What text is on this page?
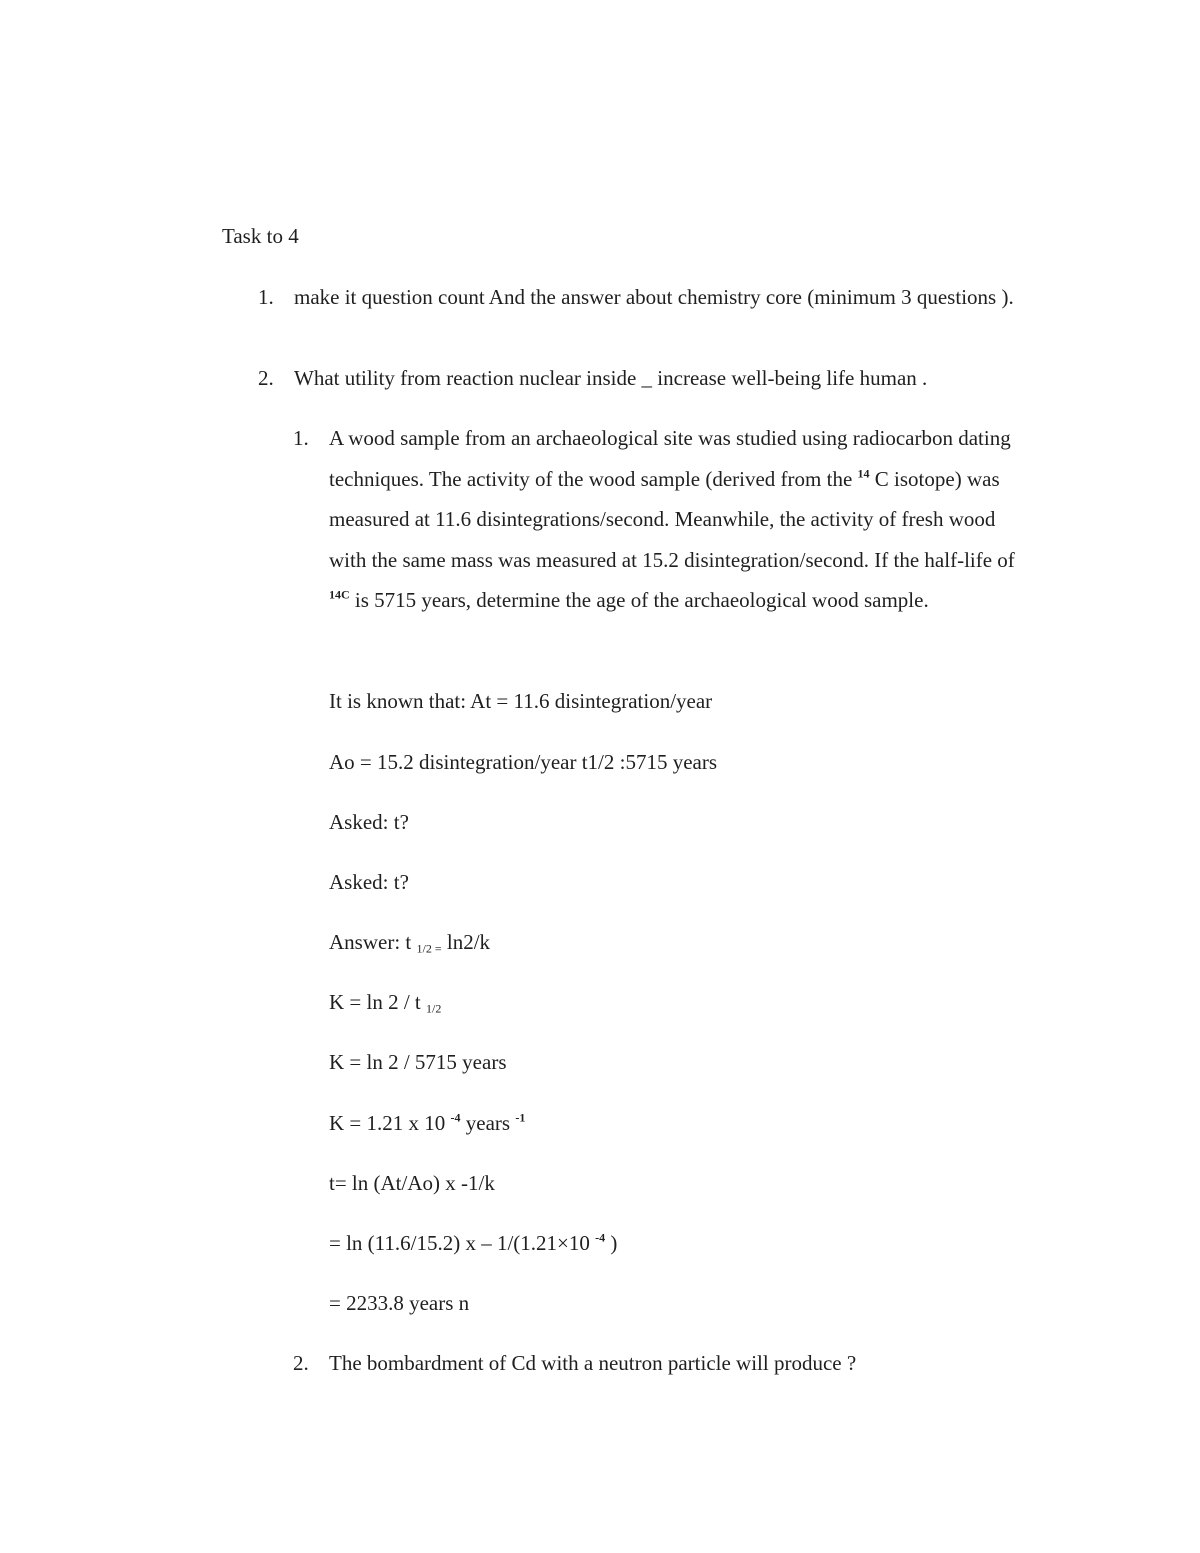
Task to 4
1. make it question count And the answer about chemistry core (minimum 3 questions ).
2. What utility from reaction nuclear inside _ increase well-being life human .
1. A wood sample from an archaeological site was studied using radiocarbon dating techniques. The activity of the wood sample (derived from the $^{14}$ C isotope) was measured at 11.6 disintegrations/second. Meanwhile, the activity of fresh wood with the same mass was measured at 15.2 disintegration/second. If the half-life of $^{14C}$ is 5715 years, determine the age of the archaeological wood sample.
It is known that: At = 11.6 disintegration/year
Ao = 15.2 disintegration/year t1/2 :5715 years
Asked: t?
Asked: t?
Answer: t $_{1/2 =}$ ln2/k
K = ln 2 / t $_{1/2}$
K = ln 2 / 5715 years
K = 1.21 x 10 $^{-4}$ years $^{-1}$
t= ln (At/Ao) x -1/k
= ln (11.6/15.2) x – 1/(1.21×10 $^{-4}$ )
= 2233.8 years n
2. The bombardment of Cd with a neutron particle will produce ?
